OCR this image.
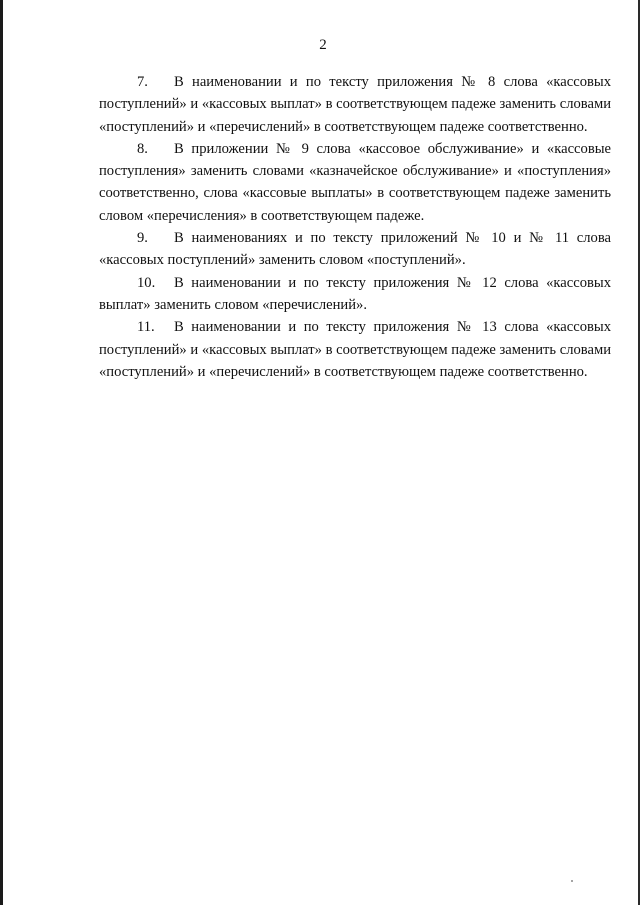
2

7. В наименовании и по тексту приложения № 8 слова «кассовых поступлений» и «кассовых выплат» в соответствующем падеже заменить словами «поступлений» и «перечислений» в соответствующем падеже соответственно.

8. В приложении № 9 слова «кассовое обслуживание» и «кассовые поступления» заменить словами «казначейское обслуживание» и «поступления» соответственно, слова «кассовые выплаты» в соответствующем падеже заменить словом «перечисления» в соответствующем падеже.

9. В наименованиях и по тексту приложений № 10 и № 11 слова «кассовых поступлений» заменить словом «поступлений».

10. В наименовании и по тексту приложения № 12 слова «кассовых выплат» заменить словом «перечислений».

11. В наименовании и по тексту приложения № 13 слова «кассовых поступлений» и «кассовых выплат» в соответствующем падеже заменить словами «поступлений» и «перечислений» в соответствующем падеже соответственно.
